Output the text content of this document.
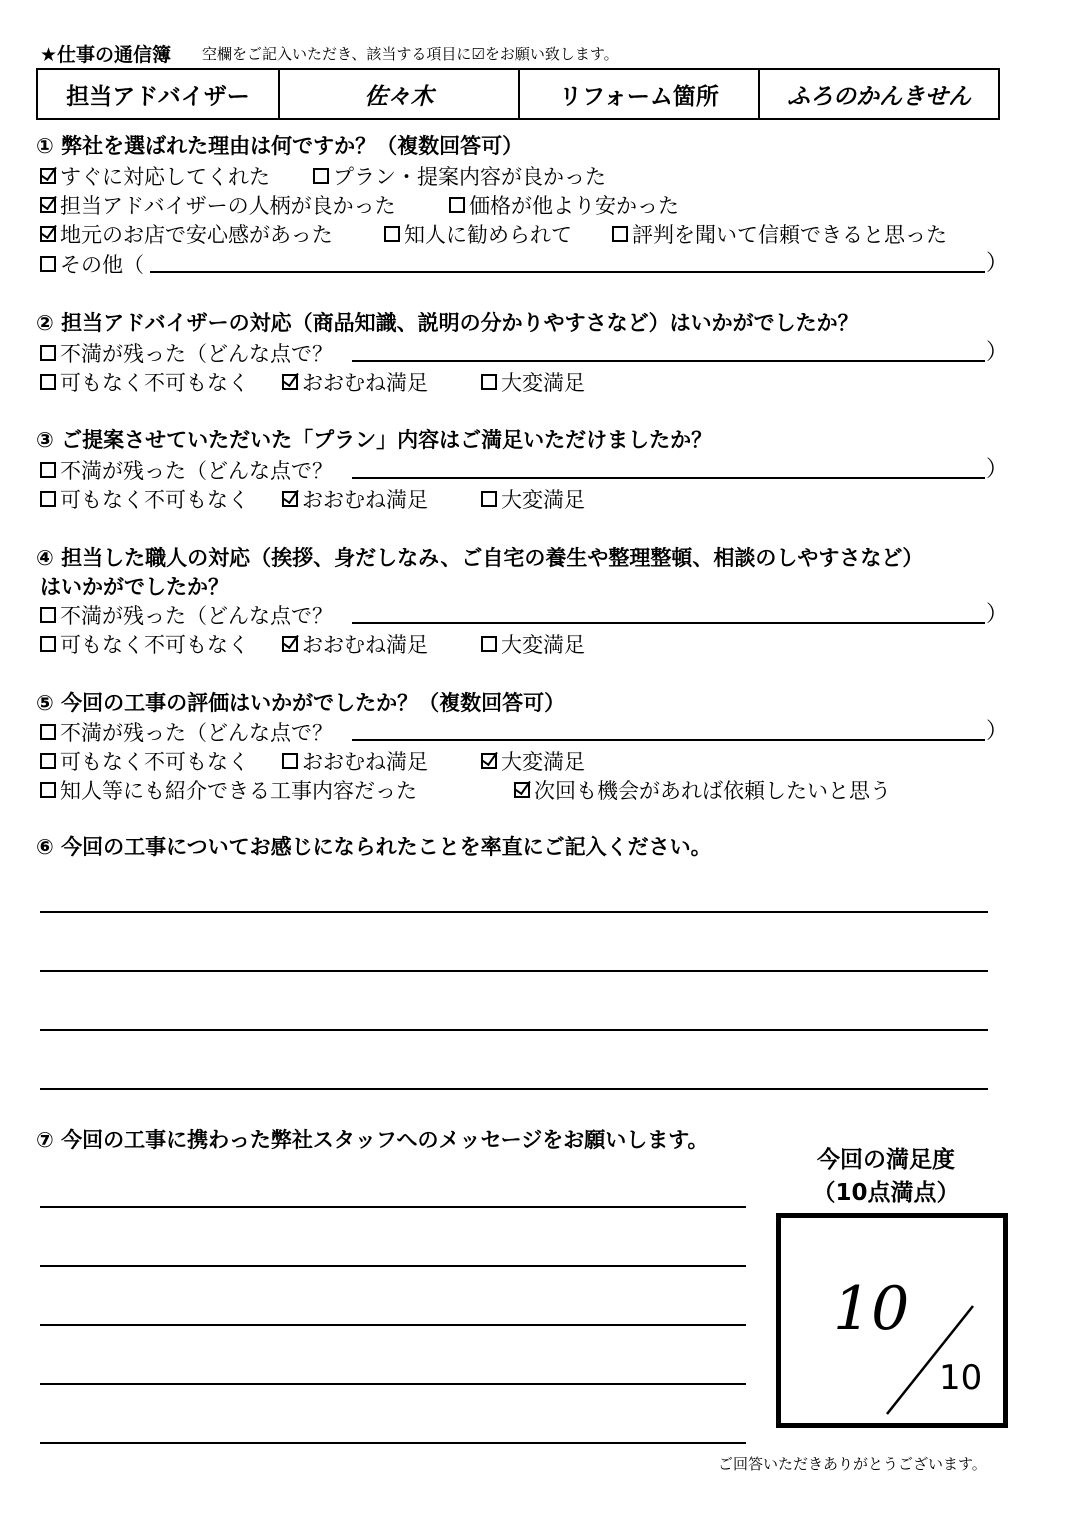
★仕事の通信簿 空欄をご記入いただき、該当する項目に☑をお願い致します。
担当アドバイザー	佐々木	リフォーム箇所	ふろのかんきせん
① 弊社を選ばれた理由は何ですか？（複数回答可）
すぐに対応してくれた	プラン・提案内容が良かった
担当アドバイザーの人柄が良かった	価格が他より安かった
地元のお店で安心感があった	知人に勧められて	評判を聞いて信頼できると思った
その他（	）
② 担当アドバイザーの対応（商品知識、説明の分かりやすさなど）はいかがでしたか？
不満が残った（どんな点で？	）
可もなく不可もなく	おおむね満足	大変満足
③ ご提案させていただいた「プラン」内容はご満足いただけましたか？
不満が残った（どんな点で？	）
可もなく不可もなく	おおむね満足	大変満足
④ 担当した職人の対応（挨拶、身だしなみ、ご自宅の養生や整理整頓、相談のしやすさなど）
はいかがでしたか？
不満が残った（どんな点で？	）
可もなく不可もなく	おおむね満足	大変満足
⑤ 今回の工事の評価はいかがでしたか？（複数回答可）
不満が残った（どんな点で？	）
可もなく不可もなく	おおむね満足	大変満足
知人等にも紹介できる工事内容だった	次回も機会があれば依頼したいと思う
⑥ 今回の工事についてお感じになられたことを率直にご記入ください。
⑦ 今回の工事に携わった弊社スタッフへのメッセージをお願いします。
今回の満足度
（10点満点）
10
10
ご回答いただきありがとうございます。
